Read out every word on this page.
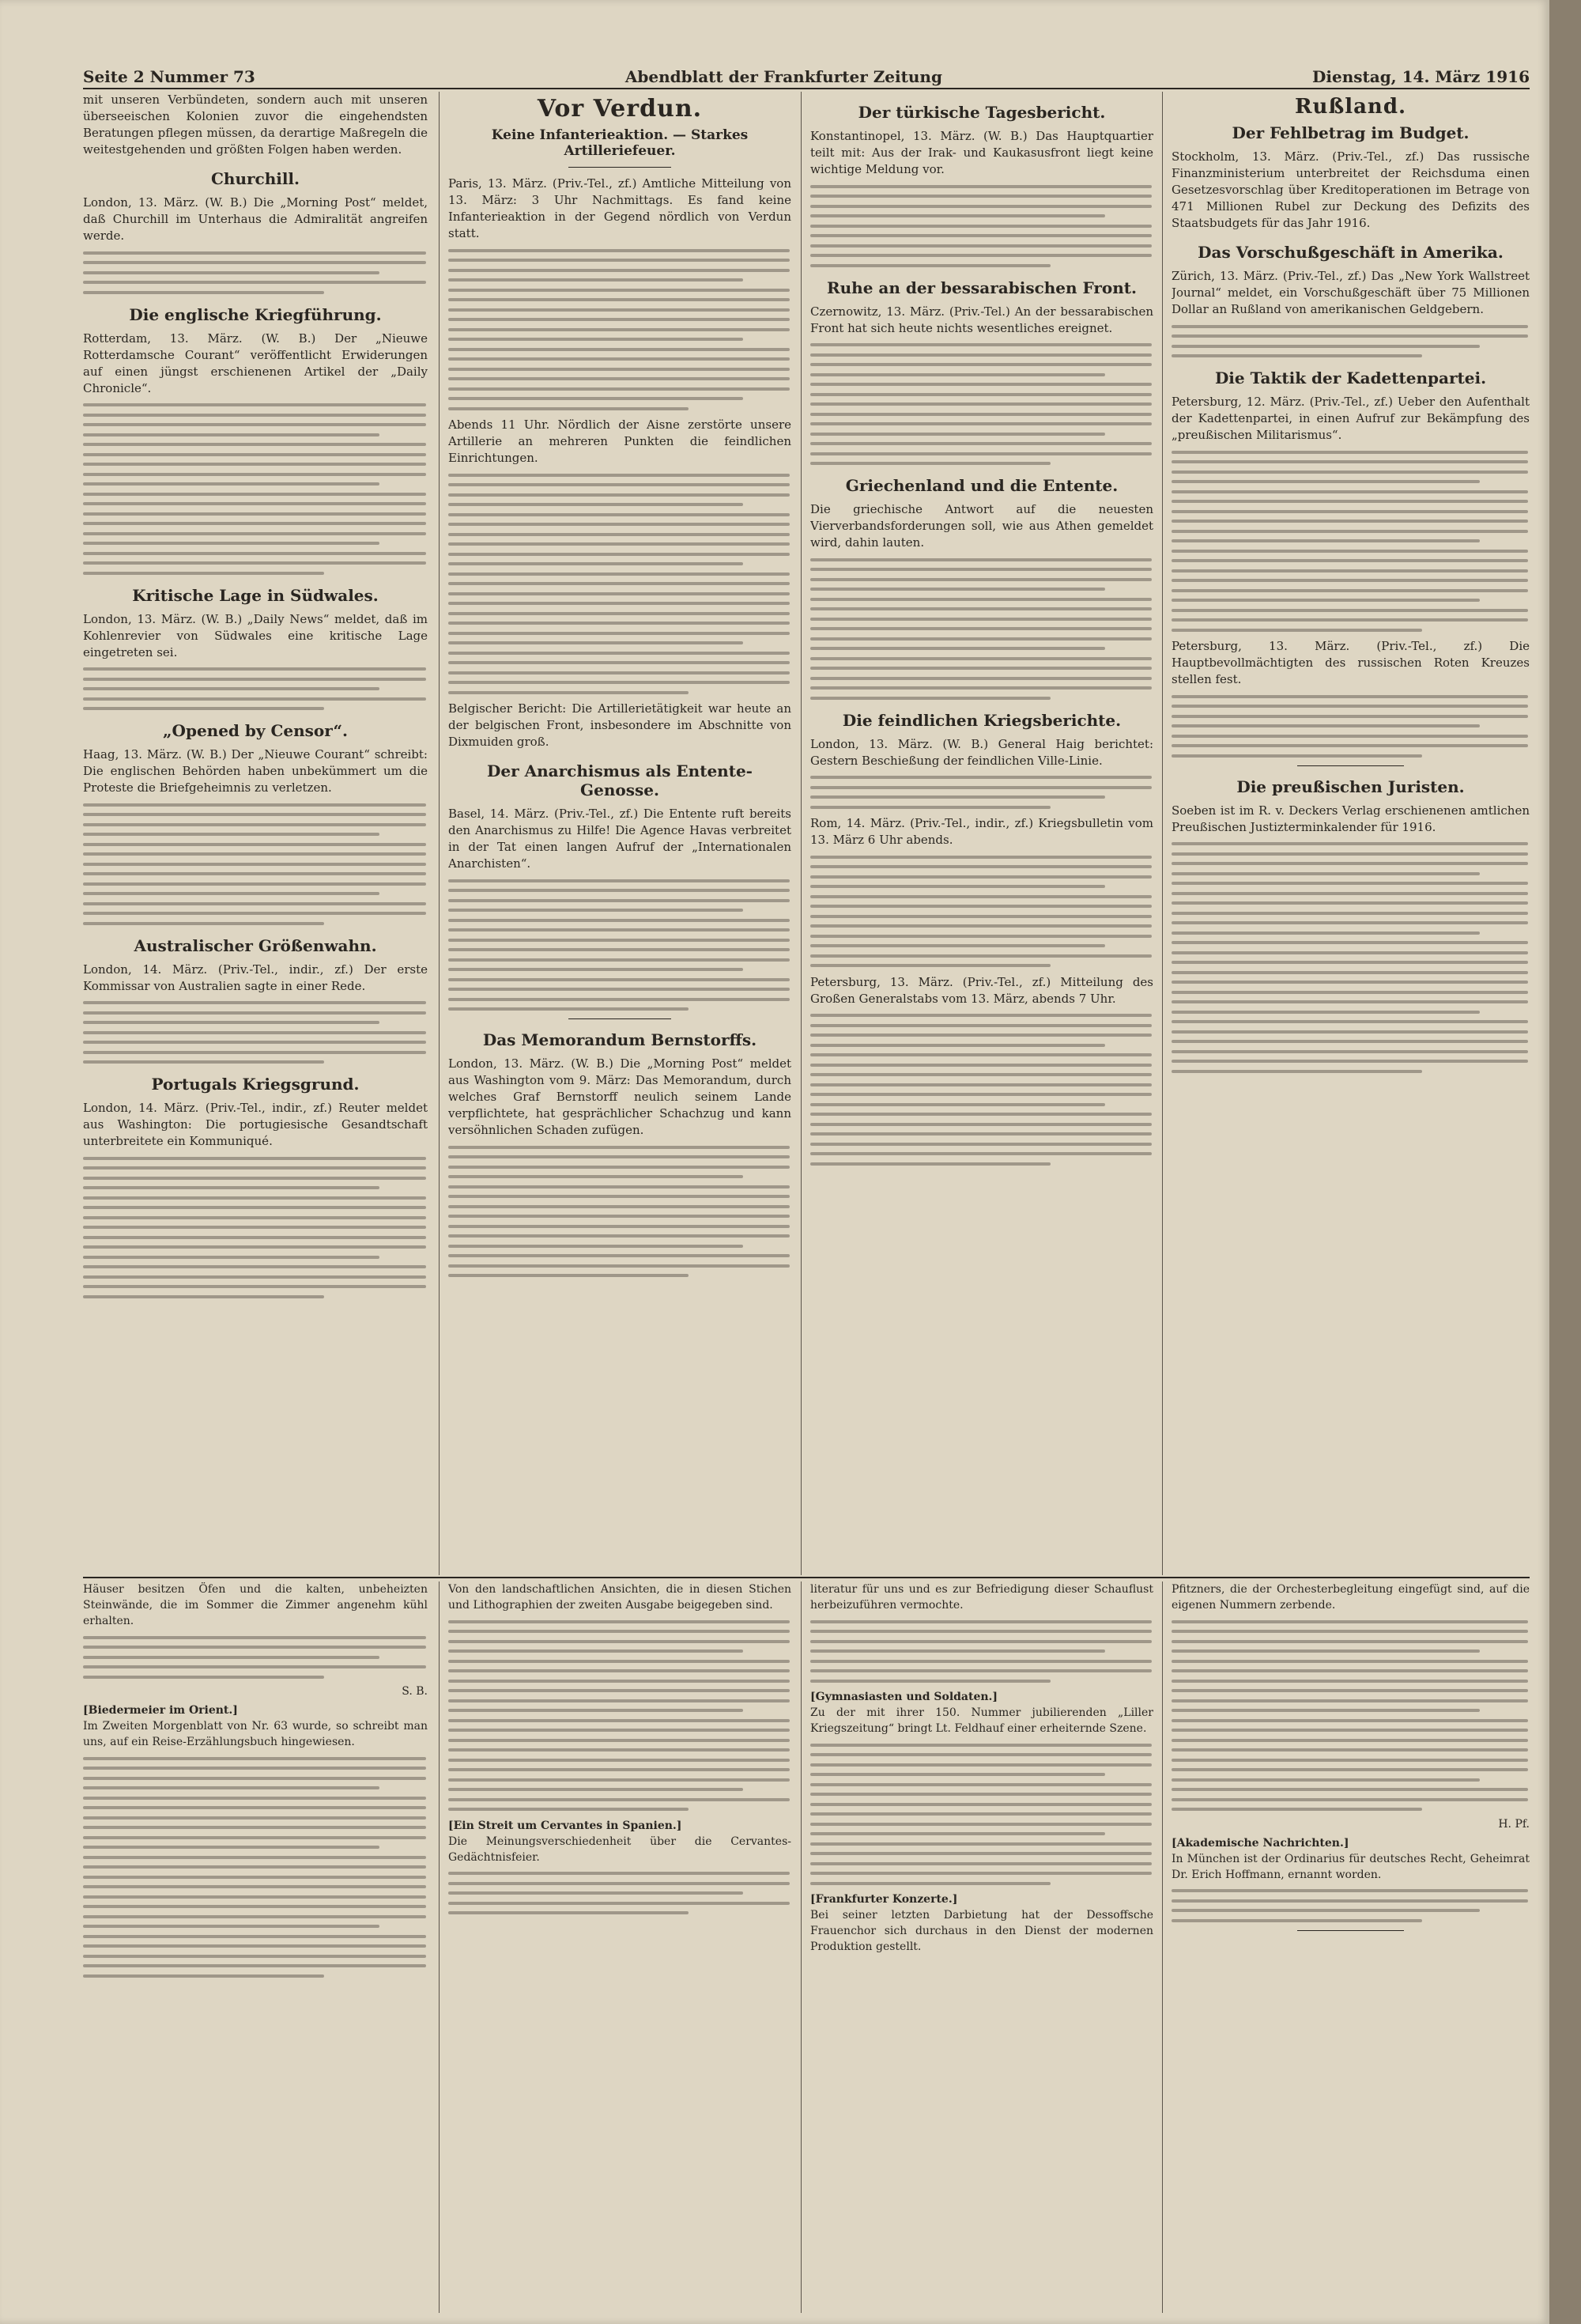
Seite 2 Nummer 73	Abendblatt der Frankfurter Zeitung	Dienstag, 14. März 1916

mit unseren Verbündeten, sondern auch mit unseren überseeischen Kolonien zuvor die eingehendsten Beratungen pflegen müssen, da derartige Maßregeln die weitestgehenden und größten Folgen haben werden.

Churchill.

London, 13. März. (W. B.) Die „Morning Post“ meldet, daß Churchill im Unterhaus die Admiralität angreifen werde.

Die englische Kriegführung.

Rotterdam, 13. März. (W. B.) Der „Nieuwe Rotterdamsche Courant“ veröffentlicht Erwiderungen auf einen jüngst erschienenen Artikel der „Daily Chronicle“.

Kritische Lage in Südwales.

London, 13. März. (W. B.) „Daily News“ meldet, daß im Kohlenrevier von Südwales eine kritische Lage eingetreten sei.

„Opened by Censor“.

Haag, 13. März. (W. B.) Der „Nieuwe Courant“ schreibt: Die englischen Behörden haben unbekümmert um die Proteste die Briefgeheimnis zu verletzen.

Australischer Größenwahn.

London, 14. März. (Priv.-Tel., indir., zf.) Der erste Kommissar von Australien sagte in einer Rede.

Portugals Kriegsgrund.

London, 14. März. (Priv.-Tel., indir., zf.) Reuter meldet aus Washington: Die portugiesische Gesandtschaft unterbreitete ein Kommuniqué.

Vor Verdun.
Keine Infanterieaktion. — Starkes Artilleriefeuer.

Paris, 13. März. (Priv.-Tel., zf.) Amtliche Mitteilung von 13. März: 3 Uhr Nachmittags. Es fand keine Infanterieaktion in der Gegend nördlich von Verdun statt.

Abends 11 Uhr. Nördlich der Aisne zerstörte unsere Artillerie an mehreren Punkten die feindlichen Einrichtungen.

Belgischer Bericht: Die Artillerietätigkeit war heute an der belgischen Front, insbesondere im Abschnitte von Dixmuiden groß.

Der Anarchismus als Entente-Genosse.

Basel, 14. März. (Priv.-Tel., zf.) Die Entente ruft bereits den Anarchismus zu Hilfe! Die Agence Havas verbreitet in der Tat einen langen Aufruf der „Internationalen Anarchisten“.

Das Memorandum Bernstorffs.

London, 13. März. (W. B.) Die „Morning Post“ meldet aus Washington vom 9. März: Das Memorandum, durch welches Graf Bernstorff neulich seinem Lande verpflichtete, hat gesprächlicher Schachzug und kann versöhnlichen Schaden zufügen.

Der türkische Tagesbericht.

Konstantinopel, 13. März. (W. B.) Das Hauptquartier teilt mit: Aus der Irak- und Kaukasusfront liegt keine wichtige Meldung vor.

Ruhe an der bessarabischen Front.

Czernowitz, 13. März. (Priv.-Tel.) An der bessarabischen Front hat sich heute nichts wesentliches ereignet.

Griechenland und die Entente.

Die griechische Antwort auf die neuesten Vierverbandsforderungen soll, wie aus Athen gemeldet wird, dahin lauten.

Die feindlichen Kriegsberichte.

London, 13. März. (W. B.) General Haig berichtet: Gestern Beschießung der feindlichen Ville-Linie.

Rom, 14. März. (Priv.-Tel., indir., zf.) Kriegsbulletin vom 13. März 6 Uhr abends.

Petersburg, 13. März. (Priv.-Tel., zf.) Mitteilung des Großen Generalstabs vom 13. März, abends 7 Uhr.

Rußland.
Der Fehlbetrag im Budget.

Stockholm, 13. März. (Priv.-Tel., zf.) Das russische Finanzministerium unterbreitet der Reichsduma einen Gesetzesvorschlag über Kreditoperationen im Betrage von 471 Millionen Rubel zur Deckung des Defizits des Staatsbudgets für das Jahr 1916.

Das Vorschußgeschäft in Amerika.

Zürich, 13. März. (Priv.-Tel., zf.) Das „New York Wallstreet Journal“ meldet, ein Vorschußgeschäft über 75 Millionen Dollar an Rußland von amerikanischen Geldgebern.

Die Taktik der Kadettenpartei.

Petersburg, 12. März. (Priv.-Tel., zf.) Ueber den Aufenthalt der Kadettenpartei, in einen Aufruf zur Bekämpfung des „preußischen Militarismus“.

Petersburg, 13. März. (Priv.-Tel., zf.) Die Hauptbevollmächtigten des russischen Roten Kreuzes stellen fest.

Die preußischen Juristen.

Soeben ist im R. v. Deckers Verlag erschienenen amtlichen Preußischen Justizterminkalender für 1916.

Häuser besitzen Öfen und die kalten, unbeheizten Steinwände, die im Sommer die Zimmer angenehm kühl erhalten.

S. B.

[Biedermeier im Orient.]

Im Zweiten Morgenblatt von Nr. 63 wurde, so schreibt man uns, auf ein Reise-Erzählungsbuch hingewiesen.

Von den landschaftlichen Ansichten, die in diesen Stichen und Lithographien der zweiten Ausgabe beigegeben sind.

[Ein Streit um Cervantes in Spanien.]

Die Meinungsverschiedenheit über die Cervantes-Gedächtnisfeier.

literatur für uns und es zur Befriedigung dieser Schauflust herbeizuführen vermochte.

[Gymnasiasten und Soldaten.]

Zu der mit ihrer 150. Nummer jubilierenden „Liller Kriegszeitung“ bringt Lt. Feldhauf einer erheiternde Szene.

[Frankfurter Konzerte.]

Bei seiner letzten Darbietung hat der Dessoffsche Frauenchor sich durchaus in den Dienst der modernen Produktion gestellt.

Pfitzners, die der Orchesterbegleitung eingefügt sind, auf die eigenen Nummern zerbende.

H. Pf.

[Akademische Nachrichten.]

In München ist der Ordinarius für deutsches Recht, Geheimrat Dr. Erich Hoffmann, ernannt worden.
